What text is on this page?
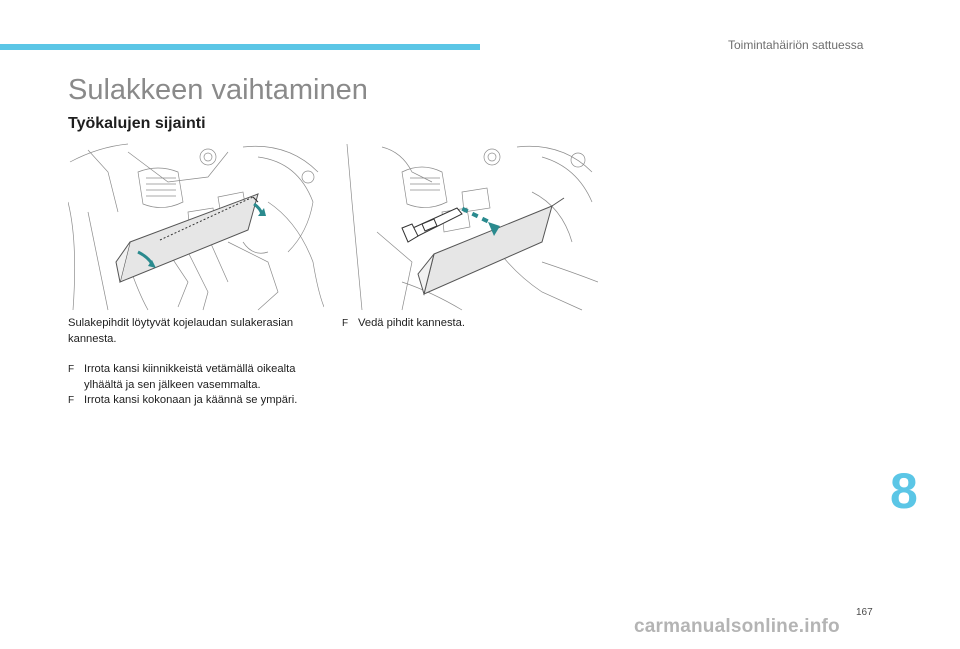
Toimintahäiriön sattuessa
Sulakkeen vaihtaminen
Työkalujen sijainti
Sulakepihdit löytyvät kojelaudan sulakerasian kannesta.
F Irrota kansi kiinnikkeistä vetämällä oikealta ylhäältä ja sen jälkeen vasemmalta.
F Irrota kansi kokonaan ja käännä se ympäri.
F Vedä pihdit kannesta.
8
167
carmanualsonline.info
